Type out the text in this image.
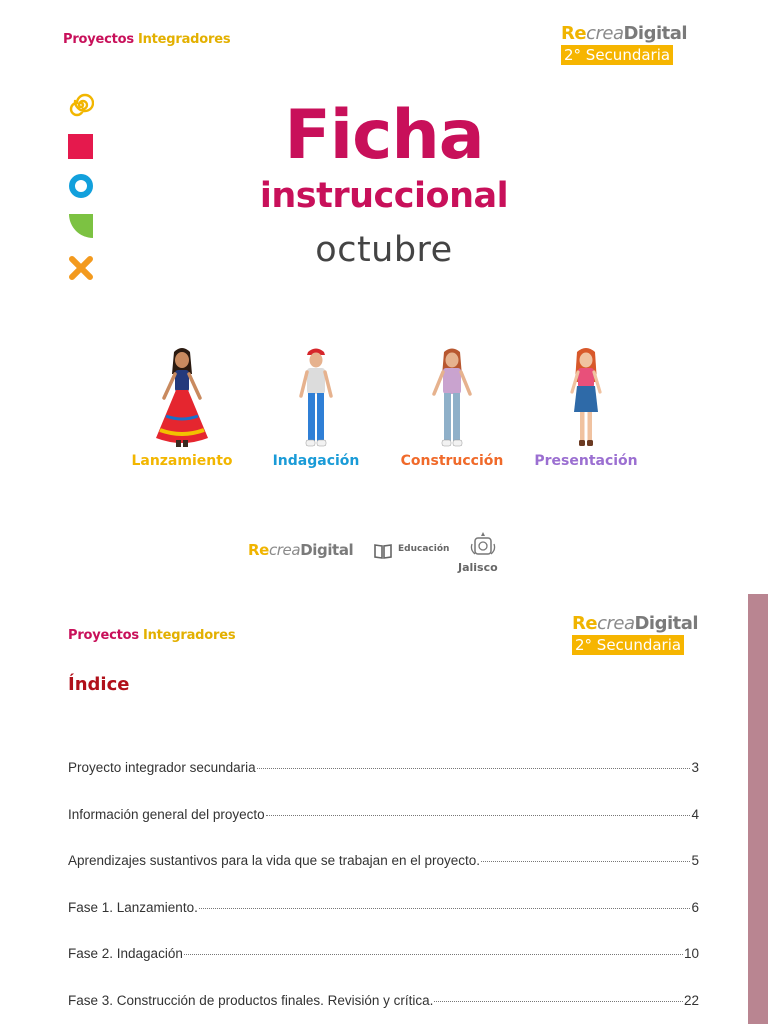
Proyectos Integradores	RecreaDigital
2° Secundaria
Ficha
instruccional
octubre
Lanzamiento	Indagación	Construcción	Presentación
RecreaDigital	Educación
Jalisco
Proyectos Integradores
RecreaDigital
2° Secundaria
Índice
Proyecto integrador secundaria	3
Información general del proyecto	4
Aprendizajes sustantivos para la vida que se trabajan en el proyecto.	5
Fase 1. Lanzamiento.	6
Fase 2. Indagación	10
Fase 3. Construcción de productos finales. Revisión y crítica.	22
